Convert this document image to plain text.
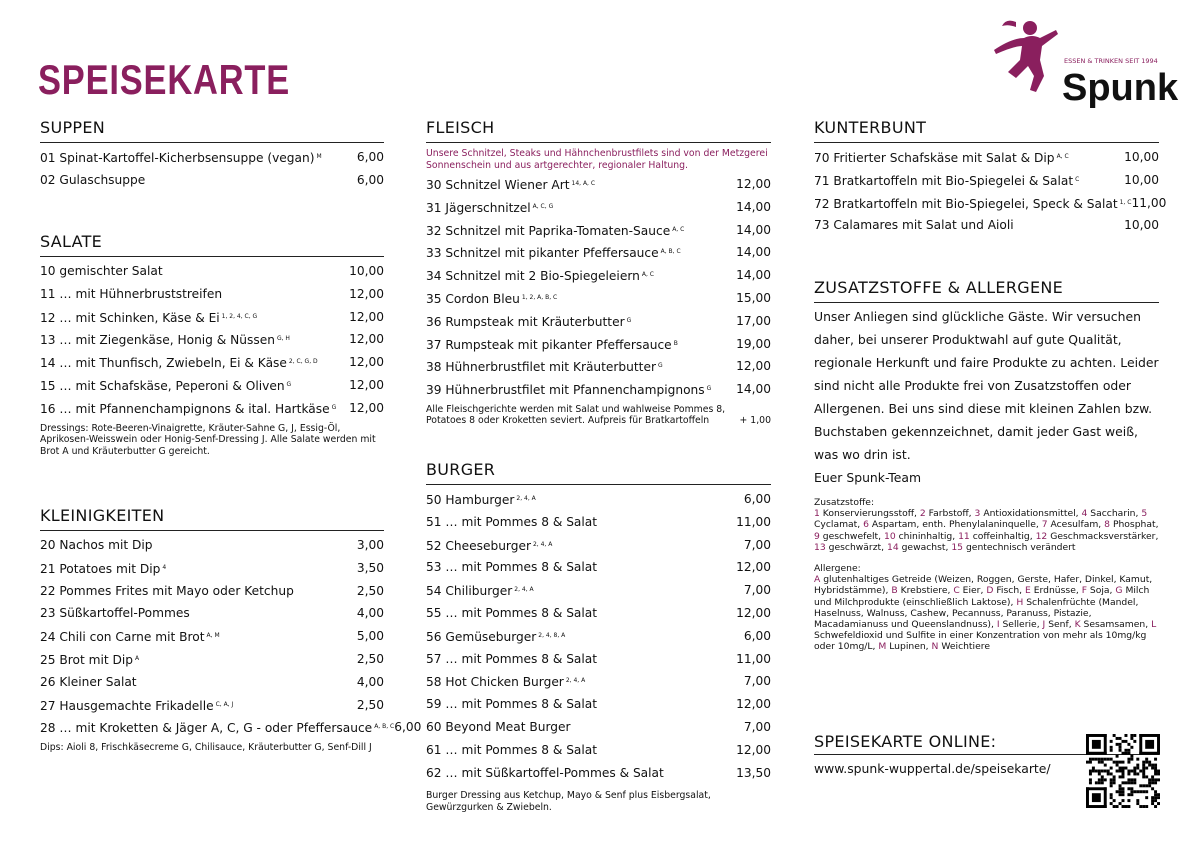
SPEISEKARTE	ESSEN & TRINKEN SEIT 1994
Spunk
SUPPEN
01 Spinat-Kartoffel-Kicherbsensuppe (vegan) $^M$	6,00
02 Gulaschsuppe	6,00
SALATE
10 gemischter Salat	10,00
11 … mit Hühnerbruststreifen	12,00
12 … mit Schinken, Käse & Ei $^{1, 2, 4, C, G}$	12,00
13 … mit Ziegenkäse, Honig & Nüssen $^{G, H}$	12,00
14 … mit Thunfisch, Zwiebeln, Ei & Käse $^{2, C, G, D}$	12,00
15 … mit Schafskäse, Peperoni & Oliven $^G$	12,00
16 … mit Pfannenchampignons & ital. Hartkäse $^G$ 12,00
Dressings: Rote-Beeren-Vinaigrette, Kräuter-Sahne G, J, Essig-Öl, Aprikosen-Weisswein oder Honig-Senf-Dressing J. Alle Salate werden mit Brot A und Kräuterbutter G gereicht.
KLEINIGKEITEN
20 Nachos mit Dip	3,00
21 Potatoes mit Dip $^4$	3,50
22 Pommes Frites mit Mayo oder Ketchup	2,50
23 Süßkartoffel-Pommes	4,00
24 Chili con Carne mit Brot $^{A, M}$	5,00
25 Brot mit Dip $^A$	2,50
26 Kleiner Salat	4,00
27 Hausgemachte Frikadelle $^{C, A, J}$	2,50
28 … mit Kroketten & Jäger A, C, G - oder Pfeffersauce $^{A, B, C}$ 6,00
Dips: Aioli 8, Frischkäsecreme G, Chilisauce, Kräuterbutter G, Senf-Dill J
FLEISCH
Unsere Schnitzel, Steaks und Hähnchenbrustfilets sind von der Metzgerei Sonnenschein und aus artgerechter, regionaler Haltung.
30 Schnitzel Wiener Art $^{14, A, C}$	12,00
31 Jägerschnitzel $^{A, C, G}$	14,00
32 Schnitzel mit Paprika-Tomaten-Sauce $^{A, C}$	14,00
33 Schnitzel mit pikanter Pfeffersauce $^{A, B, C}$	14,00
34 Schnitzel mit 2 Bio-Spiegeleiern $^{A, C}$	14,00
35 Cordon Bleu $^{1, 2, A, B, C}$	15,00
36 Rumpsteak mit Kräuterbutter $^G$	17,00
37 Rumpsteak mit pikanter Pfeffersauce $^B$	19,00
38 Hühnerbrustfilet mit Kräuterbutter $^G$	12,00
39 Hühnerbrustfilet mit Pfannenchampignons $^G$ 14,00
Alle Fleischgerichte werden mit Salat und wahlweise Pommes 8, Potatoes 8 oder Kroketten seviert. Aufpreis für Bratkartoffeln	+ 1,00
BURGER
50 Hamburger $^{2, 4, A}$	6,00
51 … mit Pommes 8 & Salat	11,00
52 Cheeseburger $^{2, 4, A}$	7,00
53 … mit Pommes 8 & Salat	12,00
54 Chiliburger $^{2, 4, A}$	7,00
55 … mit Pommes 8 & Salat	12,00
56 Gemüseburger $^{2, 4, 8, A}$	6,00
57 … mit Pommes 8 & Salat	11,00
58 Hot Chicken Burger $^{2, 4, A}$	7,00
59 … mit Pommes 8 & Salat	12,00
60 Beyond Meat Burger	7,00
61 … mit Pommes 8 & Salat	12,00
62 … mit Süßkartoffel-Pommes & Salat	13,50
Burger Dressing aus Ketchup, Mayo & Senf plus Eisbergsalat, Gewürzgurken & Zwiebeln.
KUNTERBUNT
70 Fritierter Schafskäse mit Salat & Dip $^{A, C}$	10,00
71 Bratkartoffeln mit Bio-Spiegelei & Salat $^C$	10,00
72 Bratkartoffeln mit Bio-Spiegelei, Speck & Salat $^{1, C}$ 11,00
73 Calamares mit Salat und Aioli	10,00
ZUSATZSTOFFE & ALLERGENE
Unser Anliegen sind glückliche Gäste. Wir versuchen daher, bei unserer Produktwahl auf gute Qualität, regionale Herkunft und faire Produkte zu achten. Leider sind nicht alle Produkte frei von Zusatzstoffen oder Allergenen. Bei uns sind diese mit kleinen Zahlen bzw. Buchstaben gekennzeichnet, damit jeder Gast weiß, was wo drin ist.
Euer Spunk-Team
Zusatzstoffe:
1 Konservierungsstoff, 2 Farbstoff, 3 Antioxidationsmittel, 4 Saccharin, 5 Cyclamat, 6 Aspartam, enth. Phenylalaninquelle, 7 Acesulfam, 8 Phosphat, 9 geschwefelt, 10 chininhaltig, 11 coffeinhaltig, 12 Geschmacksverstärker, 13 geschwärzt, 14 gewachst, 15 gentechnisch verändert
Allergene:
A glutenhaltiges Getreide (Weizen, Roggen, Gerste, Hafer, Dinkel, Kamut, Hybridstämme), B Krebstiere, C Eier, D Fisch, E Erdnüsse, F Soja, G Milch und Milchprodukte (einschließlich Laktose), H Schalenfrüchte (Mandel, Haselnuss, Walnuss, Cashew, Pecannuss, Paranuss, Pistazie, Macadamianuss und Queenslandnuss), I Sellerie, J Senf, K Sesamsamen, L Schwefeldioxid und Sulfite in einer Konzentration von mehr als 10mg/kg oder 10mg/L, M Lupinen, N Weichtiere
SPEISEKARTE ONLINE:
www.spunk-wuppertal.de/speisekarte/
